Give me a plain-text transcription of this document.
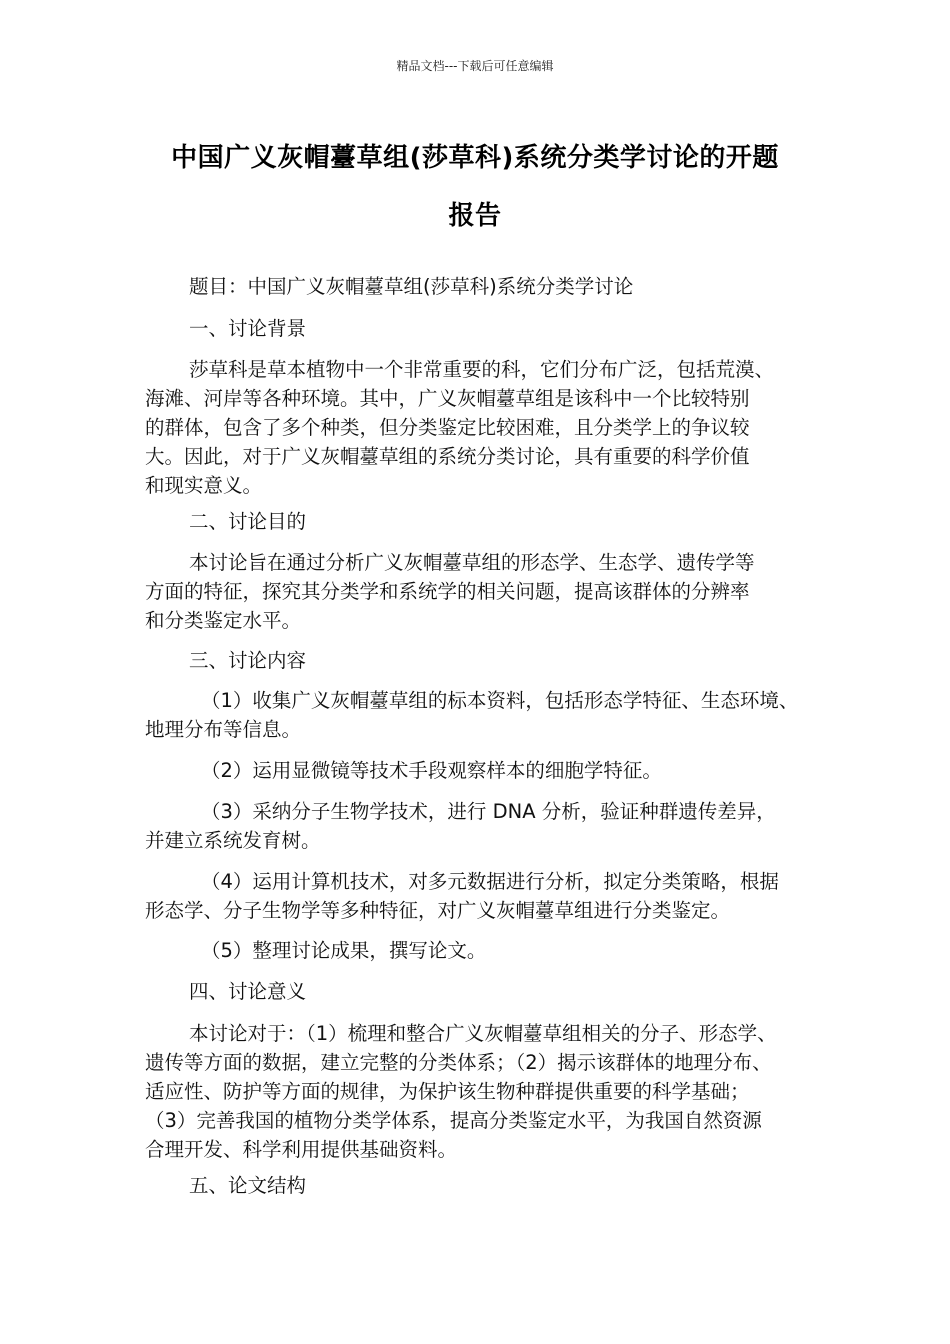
精品文档---下载后可任意编辑
中国广义灰帽薹草组(莎草科)系统分类学讨论的开题
报告
题目：中国广义灰帽薹草组(莎草科)系统分类学讨论
一、讨论背景
莎草科是草本植物中一个非常重要的科，它们分布广泛，包括荒漠、
海滩、河岸等各种环境。其中，广义灰帽薹草组是该科中一个比较特别
的群体，包含了多个种类，但分类鉴定比较困难，且分类学上的争议较
大。因此，对于广义灰帽薹草组的系统分类讨论，具有重要的科学价值
和现实意义。
二、讨论目的
本讨论旨在通过分析广义灰帽薹草组的形态学、生态学、遗传学等
方面的特征，探究其分类学和系统学的相关问题，提高该群体的分辨率
和分类鉴定水平。
三、讨论内容
（1）收集广义灰帽薹草组的标本资料，包括形态学特征、生态环境、
地理分布等信息。
（2）运用显微镜等技术手段观察样本的细胞学特征。
（3）采纳分子生物学技术，进行 DNA 分析，验证种群遗传差异，
并建立系统发育树。
（4）运用计算机技术，对多元数据进行分析，拟定分类策略，根据
形态学、分子生物学等多种特征，对广义灰帽薹草组进行分类鉴定。
（5）整理讨论成果，撰写论文。
四、讨论意义
本讨论对于：（1）梳理和整合广义灰帽薹草组相关的分子、形态学、
遗传等方面的数据，建立完整的分类体系；（2）揭示该群体的地理分布、
适应性、防护等方面的规律，为保护该生物种群提供重要的科学基础；
（3）完善我国的植物分类学体系，提高分类鉴定水平，为我国自然资源
合理开发、科学利用提供基础资料。
五、论文结构
